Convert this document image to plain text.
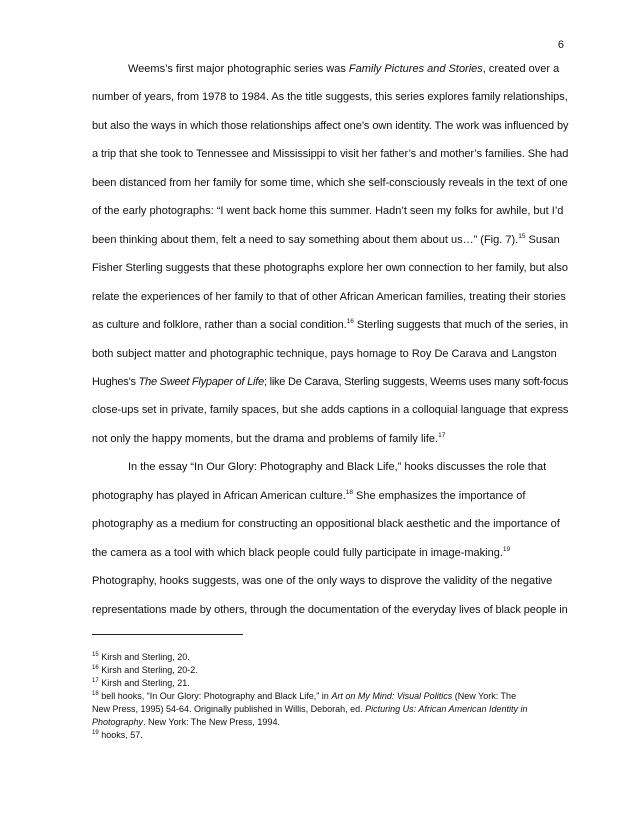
6
Weems’s first major photographic series was Family Pictures and Stories, created over a
number of years, from 1978 to 1984. As the title suggests, this series explores family relationships,
but also the ways in which those relationships affect one’s own identity. The work was influenced by
a trip that she took to Tennessee and Mississippi to visit her father’s and mother’s families. She had
been distanced from her family for some time, which she self-consciously reveals in the text of one
of the early photographs: “I went back home this summer. Hadn’t seen my folks for awhile, but I’d
been thinking about them, felt a need to say something about them about us…” (Fig. 7).$^{15}$ Susan
Fisher Sterling suggests that these photographs explore her own connection to her family, but also
relate the experiences of her family to that of other African American families, treating their stories
as culture and folklore, rather than a social condition.$^{16}$ Sterling suggests that much of the series, in
both subject matter and photographic technique, pays homage to Roy De Carava and Langston
Hughes’s The Sweet Flypaper of Life; like De Carava, Sterling suggests, Weems uses many soft-focus
close-ups set in private, family spaces, but she adds captions in a colloquial language that express
not only the happy moments, but the drama and problems of family life.$^{17}$
In the essay “In Our Glory: Photography and Black Life,” hooks discusses the role that
photography has played in African American culture.$^{18}$ She emphasizes the importance of
photography as a medium for constructing an oppositional black aesthetic and the importance of
the camera as a tool with which black people could fully participate in image-making.$^{19}$
Photography, hooks suggests, was one of the only ways to disprove the validity of the negative
representations made by others, through the documentation of the everyday lives of black people in
$^{15}$ Kirsh and Sterling, 20.
$^{16}$ Kirsh and Sterling, 20-2.
$^{17}$ Kirsh and Sterling, 21.
$^{18}$ bell hooks, “In Our Glory: Photography and Black Life,” in Art on My Mind: Visual Politics (New York: The
New Press, 1995) 54-64. Originally published in Willis, Deborah, ed. Picturing Us: African American Identity in
Photography. New York: The New Press, 1994.
$^{19}$ hooks, 57.
